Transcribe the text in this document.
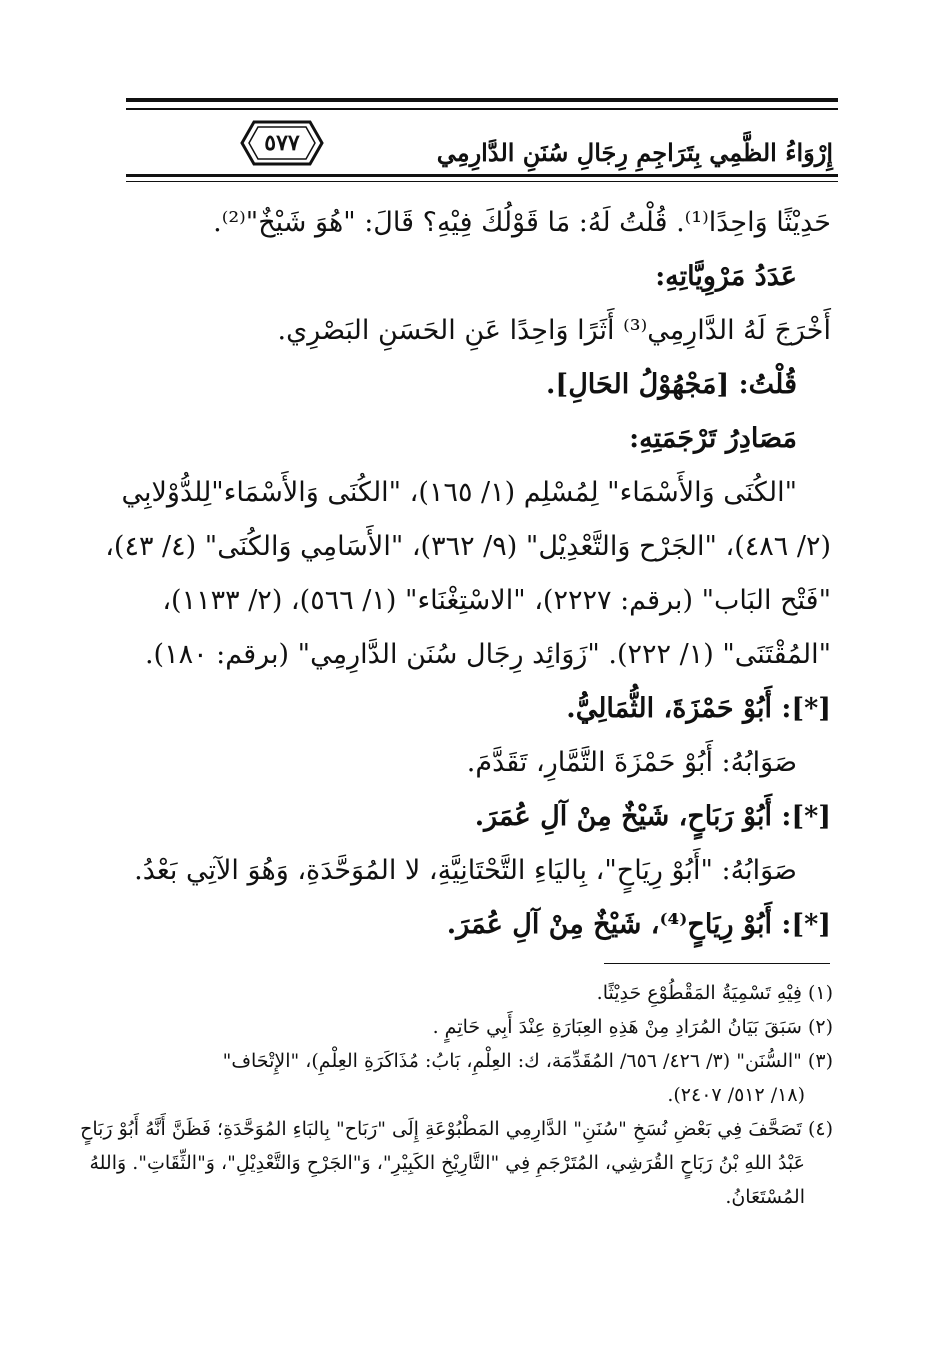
إِرْوَاءُ الظَّمِي بِتَرَاجِمِ رِجَالِ سُنَنِ الدَّارِمِي
٥٧٧
حَدِيْثًا وَاحِدًا⁽¹⁾. قُلْتُ لَهُ: مَا قَوْلُكَ فِيْهِ؟ قَالَ: "هُوَ شَيْخٌ"⁽²⁾.
عَدَدُ مَرْوِيَّاتِهِ:
أَخْرَجَ لَهُ الدَّارِمِي⁽³⁾ أَثَرًا وَاحِدًا عَنِ الحَسَنِ البَصْرِي.
قُلْتُ: [مَجْهُوْلُ الحَالِ].
مَصَادِرُ تَرْجَمَتِهِ:
"الكُنَى وَالأَسْمَاء" لِمُسْلِم (١/ ١٦٥)، "الكُنَى وَالأَسْمَاء"لِلدُّوْلابِي
(٢/ ٤٨٦)، "الجَرْح وَالتَّعْدِيْل" (٩/ ٣٦٢)، "الأَسَامِي وَالكُنَى" (٤/ ٤٣)،
"فَتْح البَاب" (برقم: ٢٢٢٧)، "الاسْتِغْنَاء" (١/ ٥٦٦)، (٢/ ١١٣٣)،
"المُقْتَنَى" (١/ ٢٢٢). "زَوَائِد رِجَال سُنَن الدَّارِمِي" (برقم: ١٨٠).
[*]: أَبُوْ حَمْزَةَ، الثُّمَالِيُّ.
صَوَابُهُ: أَبُوْ حَمْزَةَ التَّمَّارِ، تَقَدَّمَ.
[*]: أَبُوْ رَبَاحٍ، شَيْخٌ مِنْ آلِ عُمَرَ.
صَوَابُهُ: "أَبُوْ رِيَاحٍ"، بِاليَاءِ التَّحْتَانِيَّةِ، لا المُوَحَّدَةِ، وَهُوَ الآتِي بَعْدُ.
[*]: أَبُوْ رِيَاحٍ⁽⁴⁾، شَيْخٌ مِنْ آلِ عُمَرَ.
(١) فِيْهِ تَسْمِيَةُ المَقْطُوْعِ حَدِيْثًا.
(٢) سَبَقَ بَيَانُ المُرَادِ مِنْ هَذِهِ العِبَارَةِ عِنْدَ أَبِي حَاتِمٍ .
(٣) "السُّنَن" (٣/ ٤٢٦/ ٦٥٦/ المُقَدِّمَة، ك: العِلْمِ، بَابُ: مُذَاكَرَةِ العِلْمِ)، "الإِتْحَاف"
(١٨/ ٥١٢/ ٢٤٠٧).
(٤) تَصَحَّفَ فِي بَعْضِ نُسَخِ "سُنَنِ" الدَّارِمِي المَطْبُوْعَةِ إِلَى "رَبَاح" بِالبَاءِ المُوَحَّدَةِ؛ فَظَنَّ أَنَّهُ أَبُوْ رَبَاحٍ
عَبْدُ اللهِ بْنُ رَبَاحٍ القُرَشِي، المُتَرْجَمِ فِي "التَّارِيْخِ الكَبِيْرِ"، وَ"الجَرْحِ وَالتَّعْدِيْلِ"، وَ"الثِّقَاتِ". وَاللهُ
المُسْتَعَانُ.
